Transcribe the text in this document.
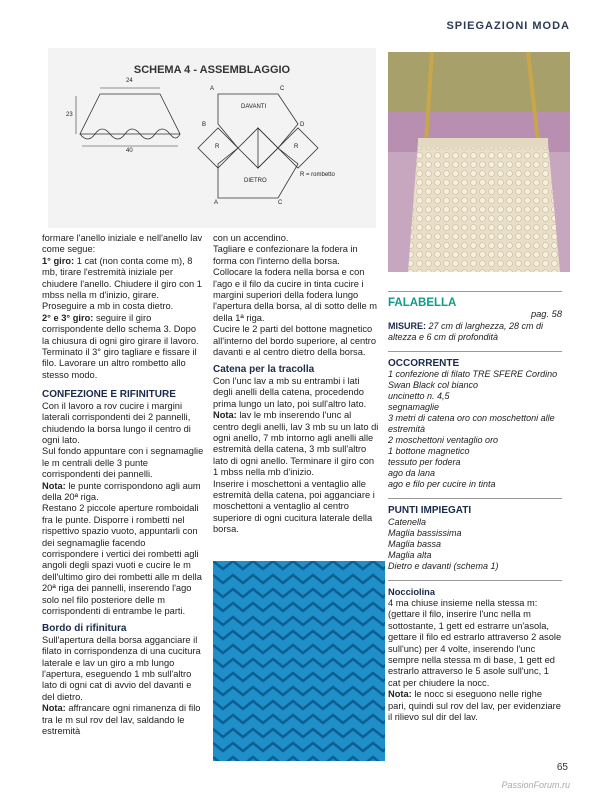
SPIEGAZIONI MODA
SCHEMA 4 - ASSEMBLAGGIO
24
23
40
A	C
DAVANTI
B	D
R	R
DIETRO
R = rombetto
A	C

formare l'anello iniziale e nell'anello lav come segue:

1° giro: 1 cat (non conta come m), 8 mb, tirare l'estremità iniziale per chiudere l'anello. Chiudere il giro con 1 mbss nella m d'inizio, girare.

Proseguire a mb in costa dietro.

2° e 3° giro: seguire il giro corrispondente dello schema 3. Dopo la chiusura di ogni giro girare il lavoro.

Terminato il 3° giro tagliare e fissare il filo. Lavorare un altro rombetto allo stesso modo.

CONFEZIONE E RIFINITURE

Con il lavoro a rov cucire i margini laterali corrispondenti dei 2 pannelli, chiudendo la borsa lungo il centro di ogni lato.

Sul fondo appuntare con i segnamaglie le m centrali delle 3 punte corrispondenti dei pannelli.

Nota: le punte corrispondono agli aum della 20ª riga.

Restano 2 piccole aperture romboidali fra le punte. Disporre i rombetti nel rispettivo spazio vuoto, appuntarli con dei segnamaglie facendo corrispondere i vertici dei rombetti agli angoli degli spazi vuoti e cucire le m dell'ultimo giro dei rombetti alle m della 20ª riga dei pannelli, inserendo l'ago solo nel filo posteriore delle m corrispondenti di entrambe le parti.

Bordo di rifinitura

Sull'apertura della borsa agganciare il filato in corrispondenza di una cucitura laterale e lav un giro a mb lungo l'apertura, eseguendo 1 mb sull'altro lato di ogni cat di avvio del davanti e del dietro.

Nota: affrancare ogni rimanenza di filo tra le m sul rov del lav, saldando le estremità

con un accendino.

Tagliare e confezionare la fodera in forma con l'interno della borsa. Collocare la fodera nella borsa e con l'ago e il filo da cucire in tinta cucire i margini superiori della fodera lungo l'apertura della borsa, al di sotto delle m della 1ª riga.

Cucire le 2 parti del bottone magnetico all'interno del bordo superiore, al centro davanti e al centro dietro della borsa.

Catena per la tracolla

Con l'unc lav a mb su entrambi i lati degli anelli della catena, procedendo prima lungo un lato, poi sull'altro lato.

Nota: lav le mb inserendo l'unc al centro degli anelli, lav 3 mb su un lato di ogni anello, 7 mb intorno agli anelli alle estremità della catena, 3 mb sull'altro lato di ogni anello. Terminare il giro con 1 mbss nella mb d'inizio.

Inserire i moschettoni a ventaglio alle estremità della catena, poi agganciare i moschettoni a ventaglio al centro superiore di ogni cucitura laterale della borsa.

FALABELLA

pag. 58

MISURE: 27 cm di larghezza, 28 cm di altezza e 6 cm di profondità

OCCORRENTE

1 confezione di filato TRE SFERE Cordino Swan Black col bianco

uncinetto n. 4,5

segnamaglie

3 metri di catena oro con moschettoni alle estremità

2 moschettoni ventaglio oro

1 bottone magnetico

tessuto per fodera

ago da lana

ago e filo per cucire in tinta

PUNTI IMPIEGATI

Catenella

Maglia bassissima

Maglia bassa

Maglia alta

Dietro e davanti (schema 1)

Nocciolina

4 ma chiuse insieme nella stessa m: (gettare il filo, inserire l'unc nella m sottostante, 1 gett ed estrarre un'asola, gettare il filo ed estrarlo attraverso 2 asole sull'unc) per 4 volte, inserendo l'unc sempre nella stessa m di base, 1 gett ed estrarlo attraverso le 5 asole sull'unc, 1 cat per chiudere la nocc.

Nota: le nocc si eseguono nelle righe pari, quindi sul rov del lav, per evidenziare il rilievo sul dir del lav.

65
PassionForum.ru
